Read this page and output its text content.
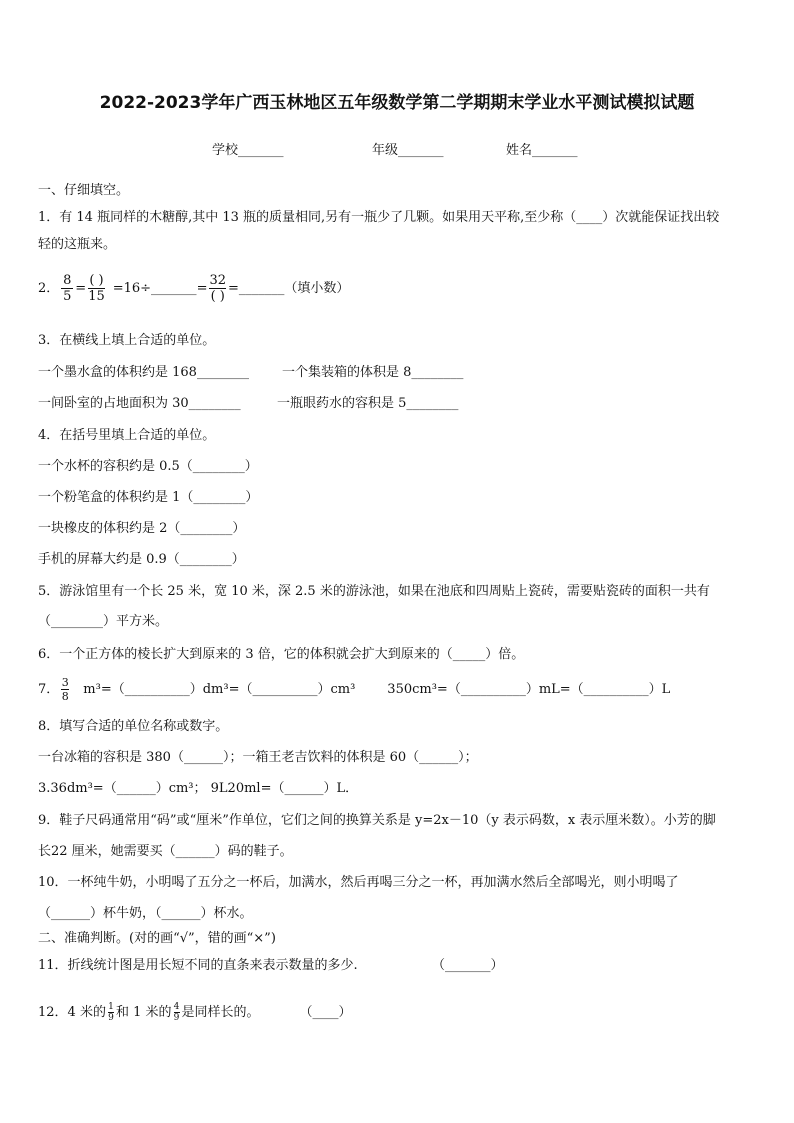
2022-2023学年广西玉林地区五年级数学第二学期期末学业水平测试模拟试题
学校_______	年级_______	姓名_______
一、仔细填空。
1．有 14 瓶同样的木糖醇,其中 13 瓶的质量相同,另有一瓶少了几颗。如果用天平称,至少称（____）次就能保证找出较
轻的这瓶来。
2． $\frac{8}{5} = \frac{( )}{15}$ =16÷_______ = $\frac{32}{( )}$ =_______（填小数）
3．在横线上填上合适的单位。
一个墨水盒的体积约是 168________	一个集装箱的体积是 8________
一间卧室的占地面积为 30________	一瓶眼药水的容积是 5________
4．在括号里填上合适的单位。
一个水杯的容积约是 0.5（________）
一个粉笔盒的体积约是 1（________）
一块橡皮的体积约是 2（________）
手机的屏幕大约是 0.9（________）
5．游泳馆里有一个长 25 米，宽 10 米，深 2.5 米的游泳池，如果在池底和四周贴上瓷砖，需要贴瓷砖的面积一共有
（________）平方米。
6．一个正方体的棱长扩大到原来的 3 倍，它的体积就会扩大到原来的（_____）倍。
7． $\frac{3}{8}$ m³=（__________）dm³=（__________）cm³ 350cm³=（__________）mL=（__________）L
8．填写合适的单位名称或数字。
一台冰箱的容积是 380（______）；一箱王老吉饮料的体积是 60（______）；
3.36dm³=（______）cm³； 9L20ml=（______）L．
9．鞋子尺码通常用“码”或“厘米”作单位，它们之间的换算关系是 y=2x－10（y 表示码数，x 表示厘米数）。小芳的脚
长22 厘米，她需要买（______）码的鞋子。
10．一杯纯牛奶，小明喝了五分之一杯后，加满水，然后再喝三分之一杯，再加满水然后全部喝光，则小明喝了
（______）杯牛奶，（______）杯水。
二、准确判断。(对的画“√”，错的画“×”)
11．折线统计图是用长短不同的直条来表示数量的多少.	（_______）
12．4 米的 $\frac{1}{9}$ 和 1 米的 $\frac{4}{9}$ 是同样长的。	（____）
